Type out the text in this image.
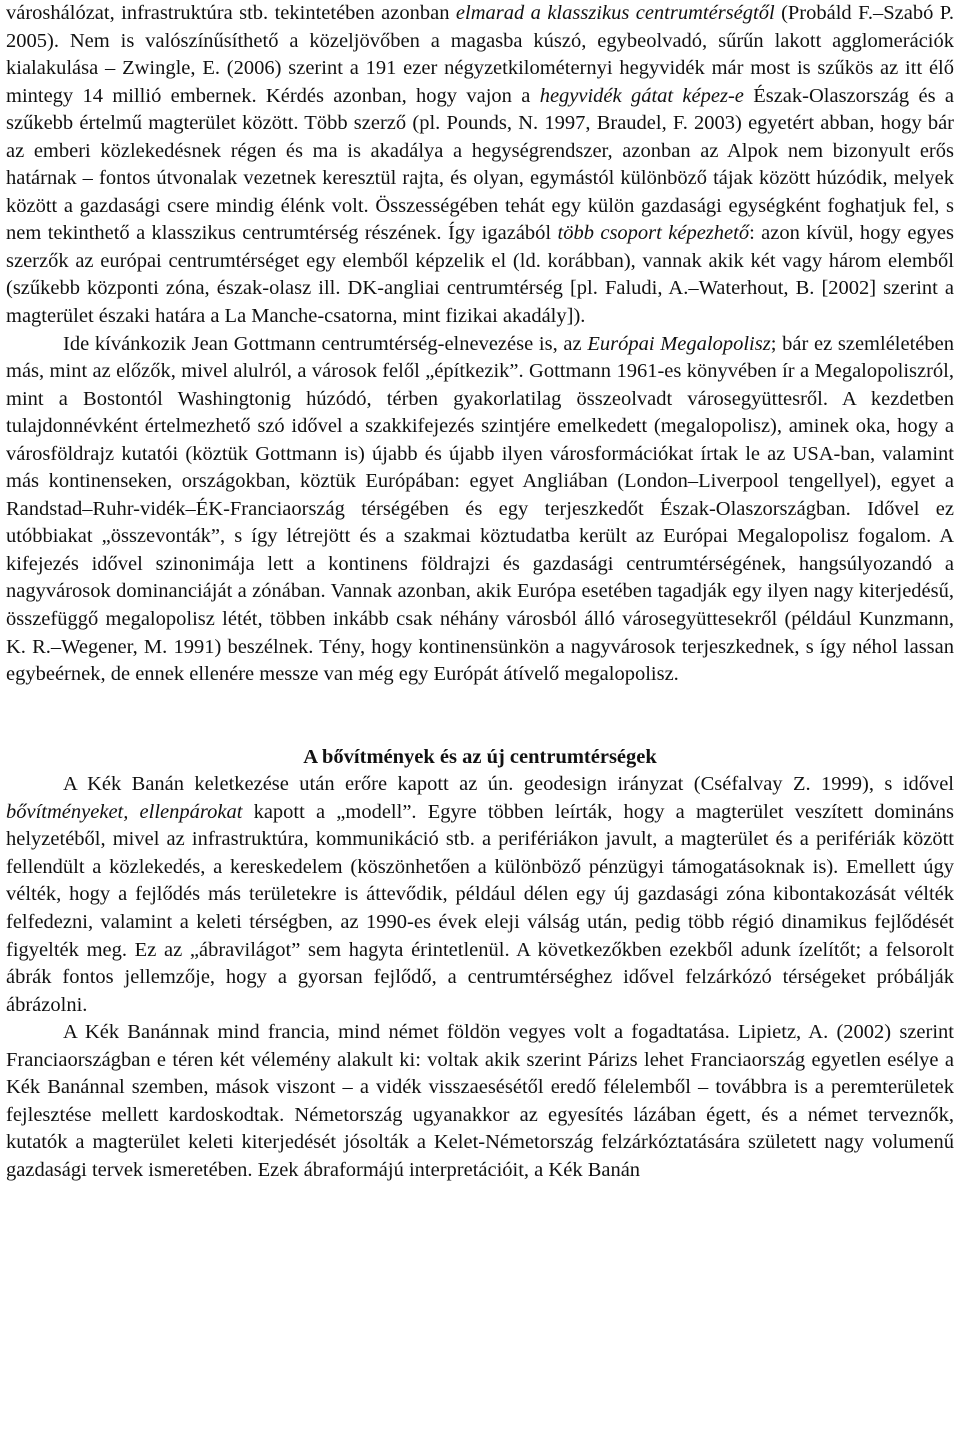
városhálózat, infrastruktúra stb. tekintetében azonban elmarad a klasszikus centrumtérségtől (Probáld F.–Szabó P. 2005). Nem is valószínűsíthető a közeljövőben a magasba kúszó, egybeolvadó, sűrűn lakott agglomerációk kialakulása – Zwingle, E. (2006) szerint a 191 ezer négyzetkilométernyi hegyvidék már most is szűkös az itt élő mintegy 14 millió embernek. Kérdés azonban, hogy vajon a hegyvidék gátat képez-e Észak-Olaszország és a szűkebb értelmű magterület között. Több szerző (pl. Pounds, N. 1997, Braudel, F. 2003) egyetért abban, hogy bár az emberi közlekedésnek régen és ma is akadálya a hegységrendszer, azonban az Alpok nem bizonyult erős határnak – fontos útvonalak vezetnek keresztül rajta, és olyan, egymástól különböző tájak között húzódik, melyek között a gazdasági csere mindig élénk volt. Összességében tehát egy külön gazdasági egységként foghatjuk fel, s nem tekinthető a klasszikus centrumtérség részének. Így igazából több csoport képezhető: azon kívül, hogy egyes szerzők az európai centrumtérséget egy elemből képzelik el (ld. korábban), vannak akik két vagy három elemből (szűkebb központi zóna, észak-olasz ill. DK-angliai centrumtérség [pl. Faludi, A.–Waterhout, B. [2002] szerint a magterület északi határa a La Manche-csatorna, mint fizikai akadály]).

Ide kívánkozik Jean Gottmann centrumtérség-elnevezése is, az Európai Megalopolisz; bár ez szemléletében más, mint az előzők, mivel alulról, a városok felől „építkezik”. Gottmann 1961-es könyvében ír a Megalopoliszról, mint a Bostontól Washingtonig húzódó, térben gyakorlatilag összeolvadt városegyüttesről. A kezdetben tulajdonnévként értelmezhető szó idővel a szakkifejezés szintjére emelkedett (megalopolisz), aminek oka, hogy a városföldrajz kutatói (köztük Gottmann is) újabb és újabb ilyen városformációkat írtak le az USA-ban, valamint más kontinenseken, országokban, köztük Európában: egyet Angliában (London–Liverpool tengellyel), egyet a Randstad–Ruhr-vidék–ÉK-Franciaország térségében és egy terjeszkedőt Észak-Olaszországban. Idővel ez utóbbiakat „összevonták”, s így létrejött és a szakmai köztudatba került az Európai Megalopolisz fogalom. A kifejezés idővel szinonimája lett a kontinens földrajzi és gazdasági centrumtérségének, hangsúlyozandó a nagyvárosok dominanciáját a zónában. Vannak azonban, akik Európa esetében tagadják egy ilyen nagy kiterjedésű, összefüggő megalopolisz létét, többen inkább csak néhány városból álló városegyüttesekről (például Kunzmann, K. R.–Wegener, M. 1991) beszélnek. Tény, hogy kontinensünkön a nagyvárosok terjeszkednek, s így néhol lassan egybeérnek, de ennek ellenére messze van még egy Európát átívelő megalopolisz.

A bővítmények és az új centrumtérségek

A Kék Banán keletkezése után erőre kapott az ún. geodesign irányzat (Cséfalvay Z. 1999), s idővel bővítményeket, ellenpárokat kapott a „modell”. Egyre többen leírták, hogy a magterület veszített domináns helyzetéből, mivel az infrastruktúra, kommunikáció stb. a perifériákon javult, a magterület és a perifériák között fellendült a közlekedés, a kereskedelem (köszönhetően a különböző pénzügyi támogatásoknak is). Emellett úgy vélték, hogy a fejlődés más területekre is áttevődik, például délen egy új gazdasági zóna kibontakozását vélték felfedezni, valamint a keleti térségben, az 1990-es évek eleji válság után, pedig több régió dinamikus fejlődését figyelték meg. Ez az „ábravilágot” sem hagyta érintetlenül. A következőkben ezekből adunk ízelítőt; a felsorolt ábrák fontos jellemzője, hogy a gyorsan fejlődő, a centrumtérséghez idővel felzárkózó térségeket próbálják ábrázolni.

A Kék Banánnak mind francia, mind német földön vegyes volt a fogadtatása. Lipietz, A. (2002) szerint Franciaországban e téren két vélemény alakult ki: voltak akik szerint Párizs lehet Franciaország egyetlen esélye a Kék Banánnal szemben, mások viszont – a vidék visszaesésétől eredő félelemből – továbbra is a peremterületek fejlesztése mellett kardoskodtak. Németország ugyanakkor az egyesítés lázában égett, és a német terveznők, kutatók a magterület keleti kiterjedését jósolták a Kelet-Németország felzárkóztatására született nagy volumenű gazdasági tervek ismeretében. Ezek ábraformájú interpretációit, a Kék Banán
